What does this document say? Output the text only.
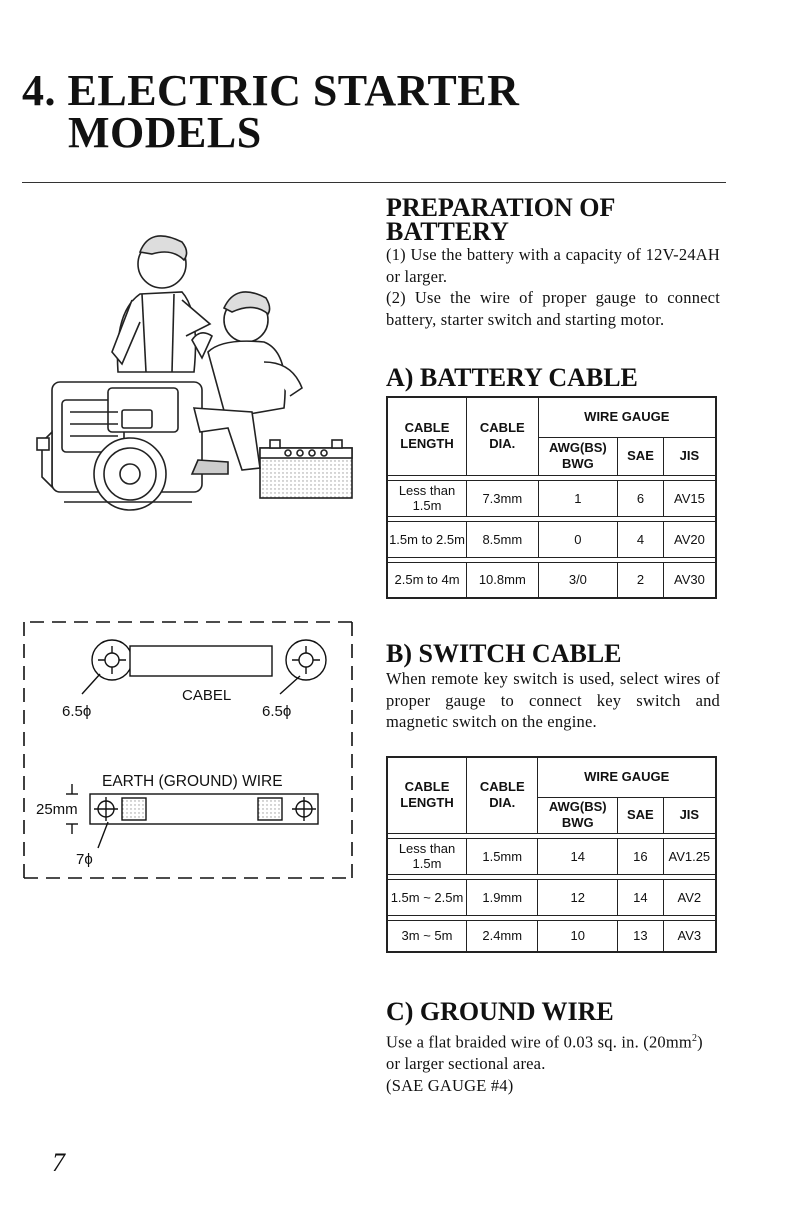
4. ELECTRIC STARTER
MODELS
PREPARATION OF
BATTERY

(1) Use the battery with a capacity of 12V-24AH or larger.

(2) Use the wire of proper gauge to connect battery, starter switch and starting motor.

A) BATTERY CABLE
CABLE LENGTH	CABLE DIA.	WIRE GAUGE		
		AWG(BS) BWG	SAE	JIS

Less than 1.5m	7.3mm	1	6	AV15

1.5m to 2.5m	8.5mm	0	4	AV20

2.5m to 4m	10.8mm	3/0	2	AV30
CABEL
6.5ϕ	6.5ϕ
EARTH (GROUND) WIRE
25mm
7ϕ
B) SWITCH CABLE

When remote key switch is used, select wires of proper gauge to connect key switch and magnetic switch on the engine.

CABLE LENGTH	CABLE DIA.	WIRE GAUGE		
		AWG(BS) BWG	SAE	JIS

Less than 1.5m	1.5mm	14	16	AV1.25

1.5m ~ 2.5m	1.9mm	12	14	AV2

3m ~ 5m	2.4mm	10	13	AV3
C) GROUND WIRE

Use a flat braided wire of 0.03 sq. in. $(20mm^2)$ or larger sectional area.

(SAE GAUGE #4)

7
